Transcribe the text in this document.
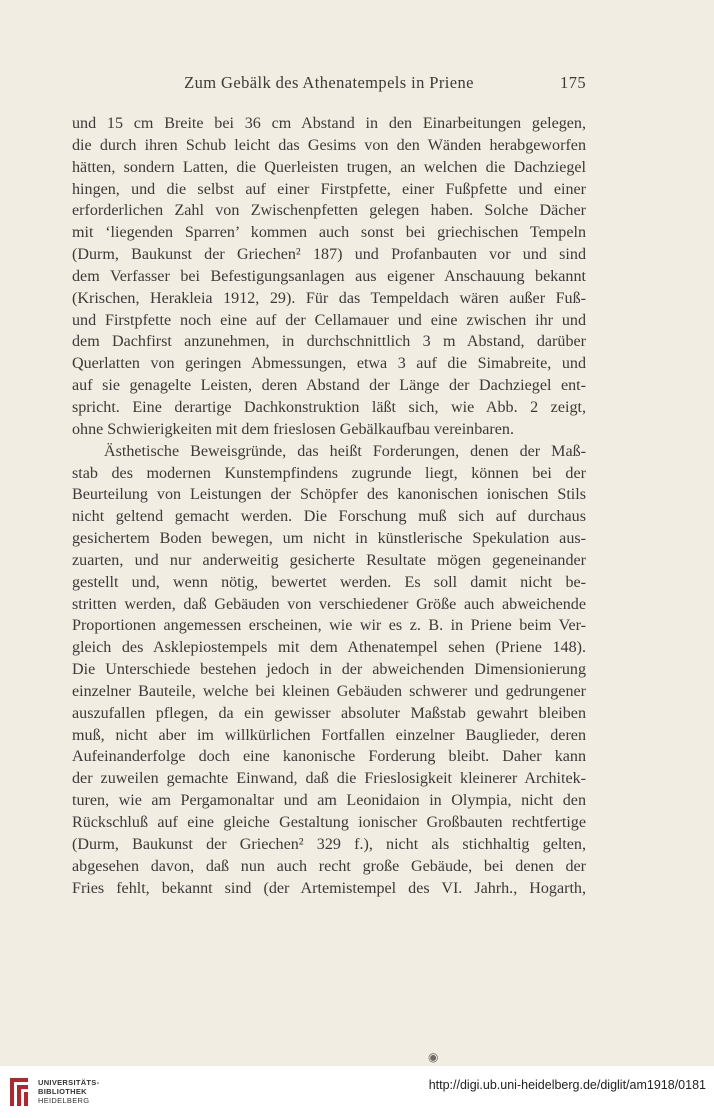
Zum Gebälk des Athenatempels in Priene	175
und 15 cm Breite bei 36 cm Abstand in den Einarbeitungen gelegen,
die durch ihren Schub leicht das Gesims von den Wänden herabgeworfen
hätten, sondern Latten, die Querleisten trugen, an welchen die Dachziegel
hingen, und die selbst auf einer Firstpfette, einer Fußpfette und einer
erforderlichen Zahl von Zwischenpfetten gelegen haben. Solche Dächer
mit ‘liegenden Sparren’ kommen auch sonst bei griechischen Tempeln
(Durm, Baukunst der Griechen² 187) und Profanbauten vor und sind
dem Verfasser bei Befestigungsanlagen aus eigener Anschauung bekannt
(Krischen, Herakleia 1912, 29). Für das Tempeldach wären außer Fuß-
und Firstpfette noch eine auf der Cellamauer und eine zwischen ihr und
dem Dachfirst anzunehmen, in durchschnittlich 3 m Abstand, darüber
Querlatten von geringen Abmessungen, etwa 3 auf die Simabreite, und
auf sie genagelte Leisten, deren Abstand der Länge der Dachziegel ent-
spricht. Eine derartige Dachkonstruktion läßt sich, wie Abb. 2 zeigt,
ohne Schwierigkeiten mit dem frieslosen Gebälkaufbau vereinbaren.
Ästhetische Beweisgründe, das heißt Forderungen, denen der Maß-
stab des modernen Kunstempfindens zugrunde liegt, können bei der
Beurteilung von Leistungen der Schöpfer des kanonischen ionischen Stils
nicht geltend gemacht werden. Die Forschung muß sich auf durchaus
gesichertem Boden bewegen, um nicht in künstlerische Spekulation aus-
zuarten, und nur anderweitig gesicherte Resultate mögen gegeneinander
gestellt und, wenn nötig, bewertet werden. Es soll damit nicht be-
stritten werden, daß Gebäuden von verschiedener Größe auch abweichende
Proportionen angemessen erscheinen, wie wir es z. B. in Priene beim Ver-
gleich des Asklepiostempels mit dem Athenatempel sehen (Priene 148).
Die Unterschiede bestehen jedoch in der abweichenden Dimensionierung
einzelner Bauteile, welche bei kleinen Gebäuden schwerer und gedrungener
auszufallen pflegen, da ein gewisser absoluter Maßstab gewahrt bleiben
muß, nicht aber im willkürlichen Fortfallen einzelner Bauglieder, deren
Aufeinanderfolge doch eine kanonische Forderung bleibt. Daher kann
der zuweilen gemachte Einwand, daß die Frieslosigkeit kleinerer Architek-
turen, wie am Pergamonaltar und am Leonidaion in Olympia, nicht den
Rückschluß auf eine gleiche Gestaltung ionischer Großbauten rechtfertige
(Durm, Baukunst der Griechen² 329 f.), nicht als stichhaltig gelten,
abgesehen davon, daß nun auch recht große Gebäude, bei denen der
Fries fehlt, bekannt sind (der Artemistempel des VI. Jahrh., Hogarth,
◉
UNIVERSITÄTS-
BIBLIOTHEK
HEIDELBERG
http://digi.ub.uni-heidelberg.de/diglit/am1918/0181
